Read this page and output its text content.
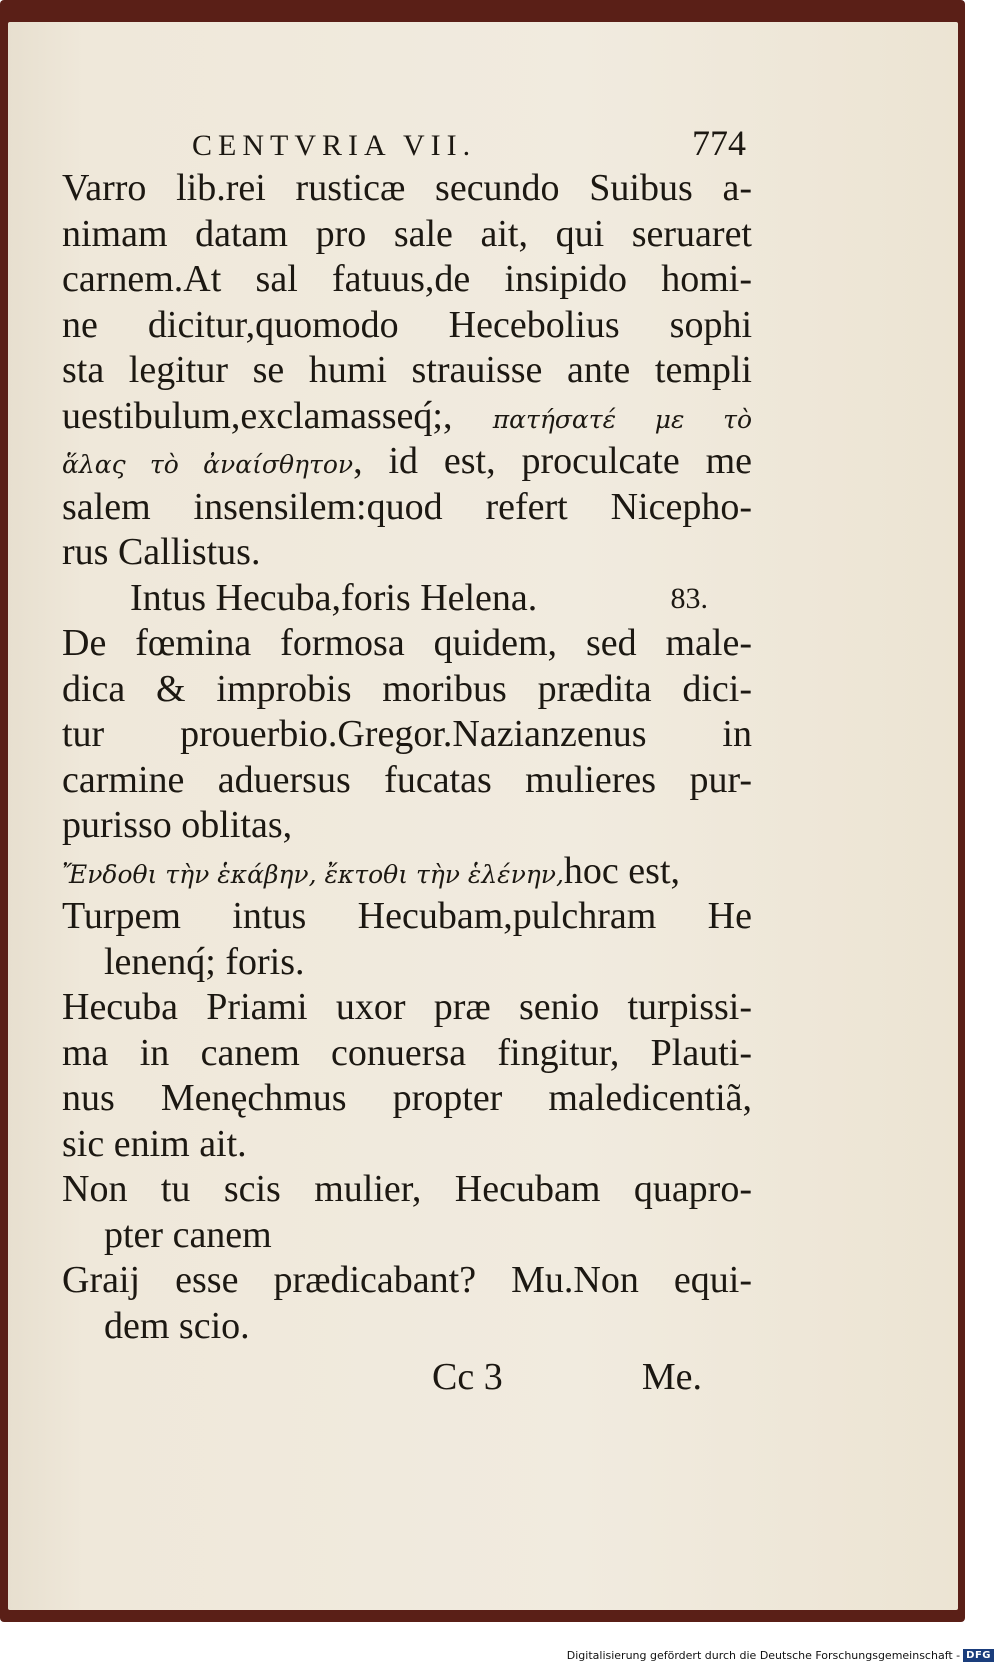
CENTVRIA VII.	774
Varro lib.rei rusticæ secundo Suibus a-
nimam datam pro sale ait, qui seruaret
carnem.At sal fatuus,de insipido homi-
ne dicitur,quomodo Hecebolius sophi
sta legitur se humi strauisse ante templi
uestibulum,exclamasseq́;, πατήσατέ με τὸ
ἅλας τὸ ἀναίσθητον, id est, proculcate me
salem insensilem:quod refert Nicepho-
rus Callistus.
Intus Hecuba,foris Helena.	83.
De fœmina formosa quidem, sed male-
dica & improbis moribus prædita dici-
tur prouerbio.Gregor.Nazianzenus in
carmine aduersus fucatas mulieres pur-
purisso oblitas,
Ἔνδοθι τὴν ἑκάβην, ἔκτοθι τὴν ἑλένην,hoc est,
Turpem intus Hecubam,pulchram He
lenenq́; foris.
Hecuba Priami uxor præ senio turpissi-
ma in canem conuersa fingitur, Plauti-
nus Menęchmus propter maledicentiã,
sic enim ait.
Non tu scis mulier, Hecubam quapro-
pter canem
Graij esse prædicabant? Mu.Non equi-
dem scio.
Cc 3	Me.
Digitalisierung gefördert durch die Deutsche Forschungsgemeinschaft - DFG
